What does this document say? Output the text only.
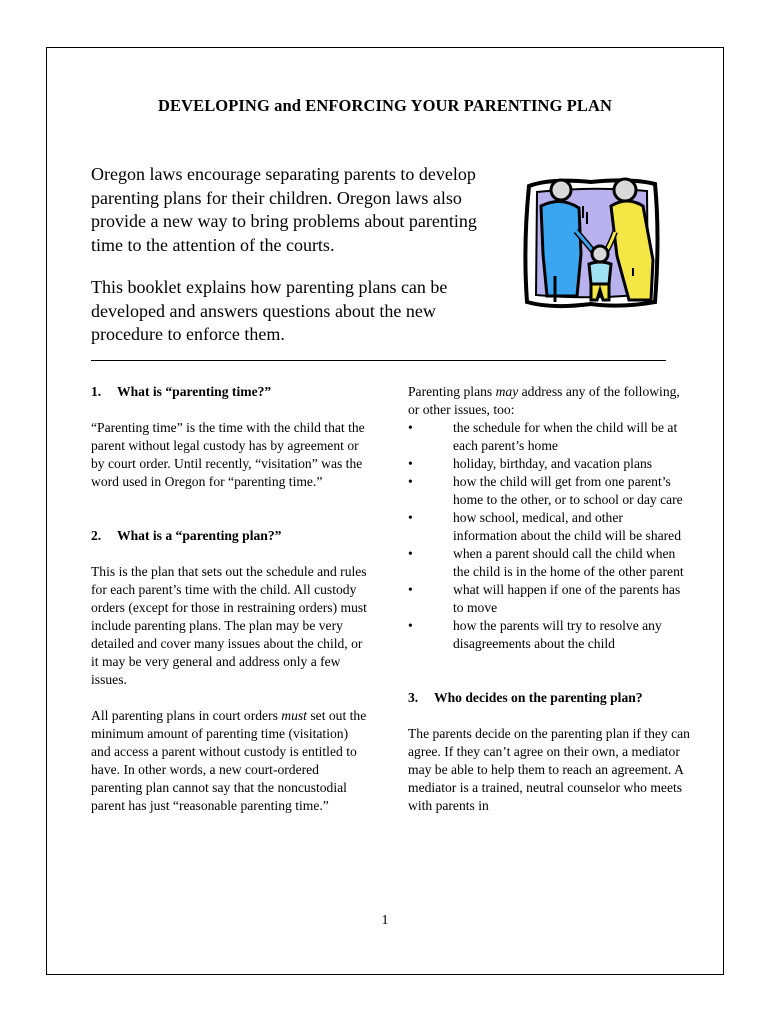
DEVELOPING and ENFORCING YOUR PARENTING PLAN

Oregon laws encourage separating parents to develop parenting plans for their children. Oregon laws also provide a new way to bring problems about parenting time to the attention of the courts.

This booklet explains how parenting plans can be developed and answers questions about the new procedure to enforce them.

1. What is “parenting time?”

“Parenting time” is the time with the child that the parent without legal custody has by agreement or by court order. Until recently, “visitation” was the word used in Oregon for “parenting time.”

2. What is a “parenting plan?”

This is the plan that sets out the schedule and rules for each parent’s time with the child. All custody orders (except for those in restraining orders) must include parenting plans. The plan may be very detailed and cover many issues about the child, or it may be very general and address only a few issues.

All parenting plans in court orders must set out the minimum amount of parenting time (visitation) and access a parent without custody is entitled to have. In other words, a new court-ordered parenting plan cannot say that the noncustodial parent has just “reasonable parenting time.”

Parenting plans may address any of the following, or other issues, too:

•	the schedule for when the child will be at each parent’s home
•	holiday, birthday, and vacation plans
•	how the child will get from one parent’s home to the other, or to school or day care
•	how school, medical, and other information about the child will be shared
•	when a parent should call the child when the child is in the home of the other parent
•	what will happen if one of the parents has to move
•	how the parents will try to resolve any disagreements about the child

3. Who decides on the parenting plan?

The parents decide on the parenting plan if they can agree. If they can’t agree on their own, a mediator may be able to help them to reach an agreement. A mediator is a trained, neutral counselor who meets with parents in

1
